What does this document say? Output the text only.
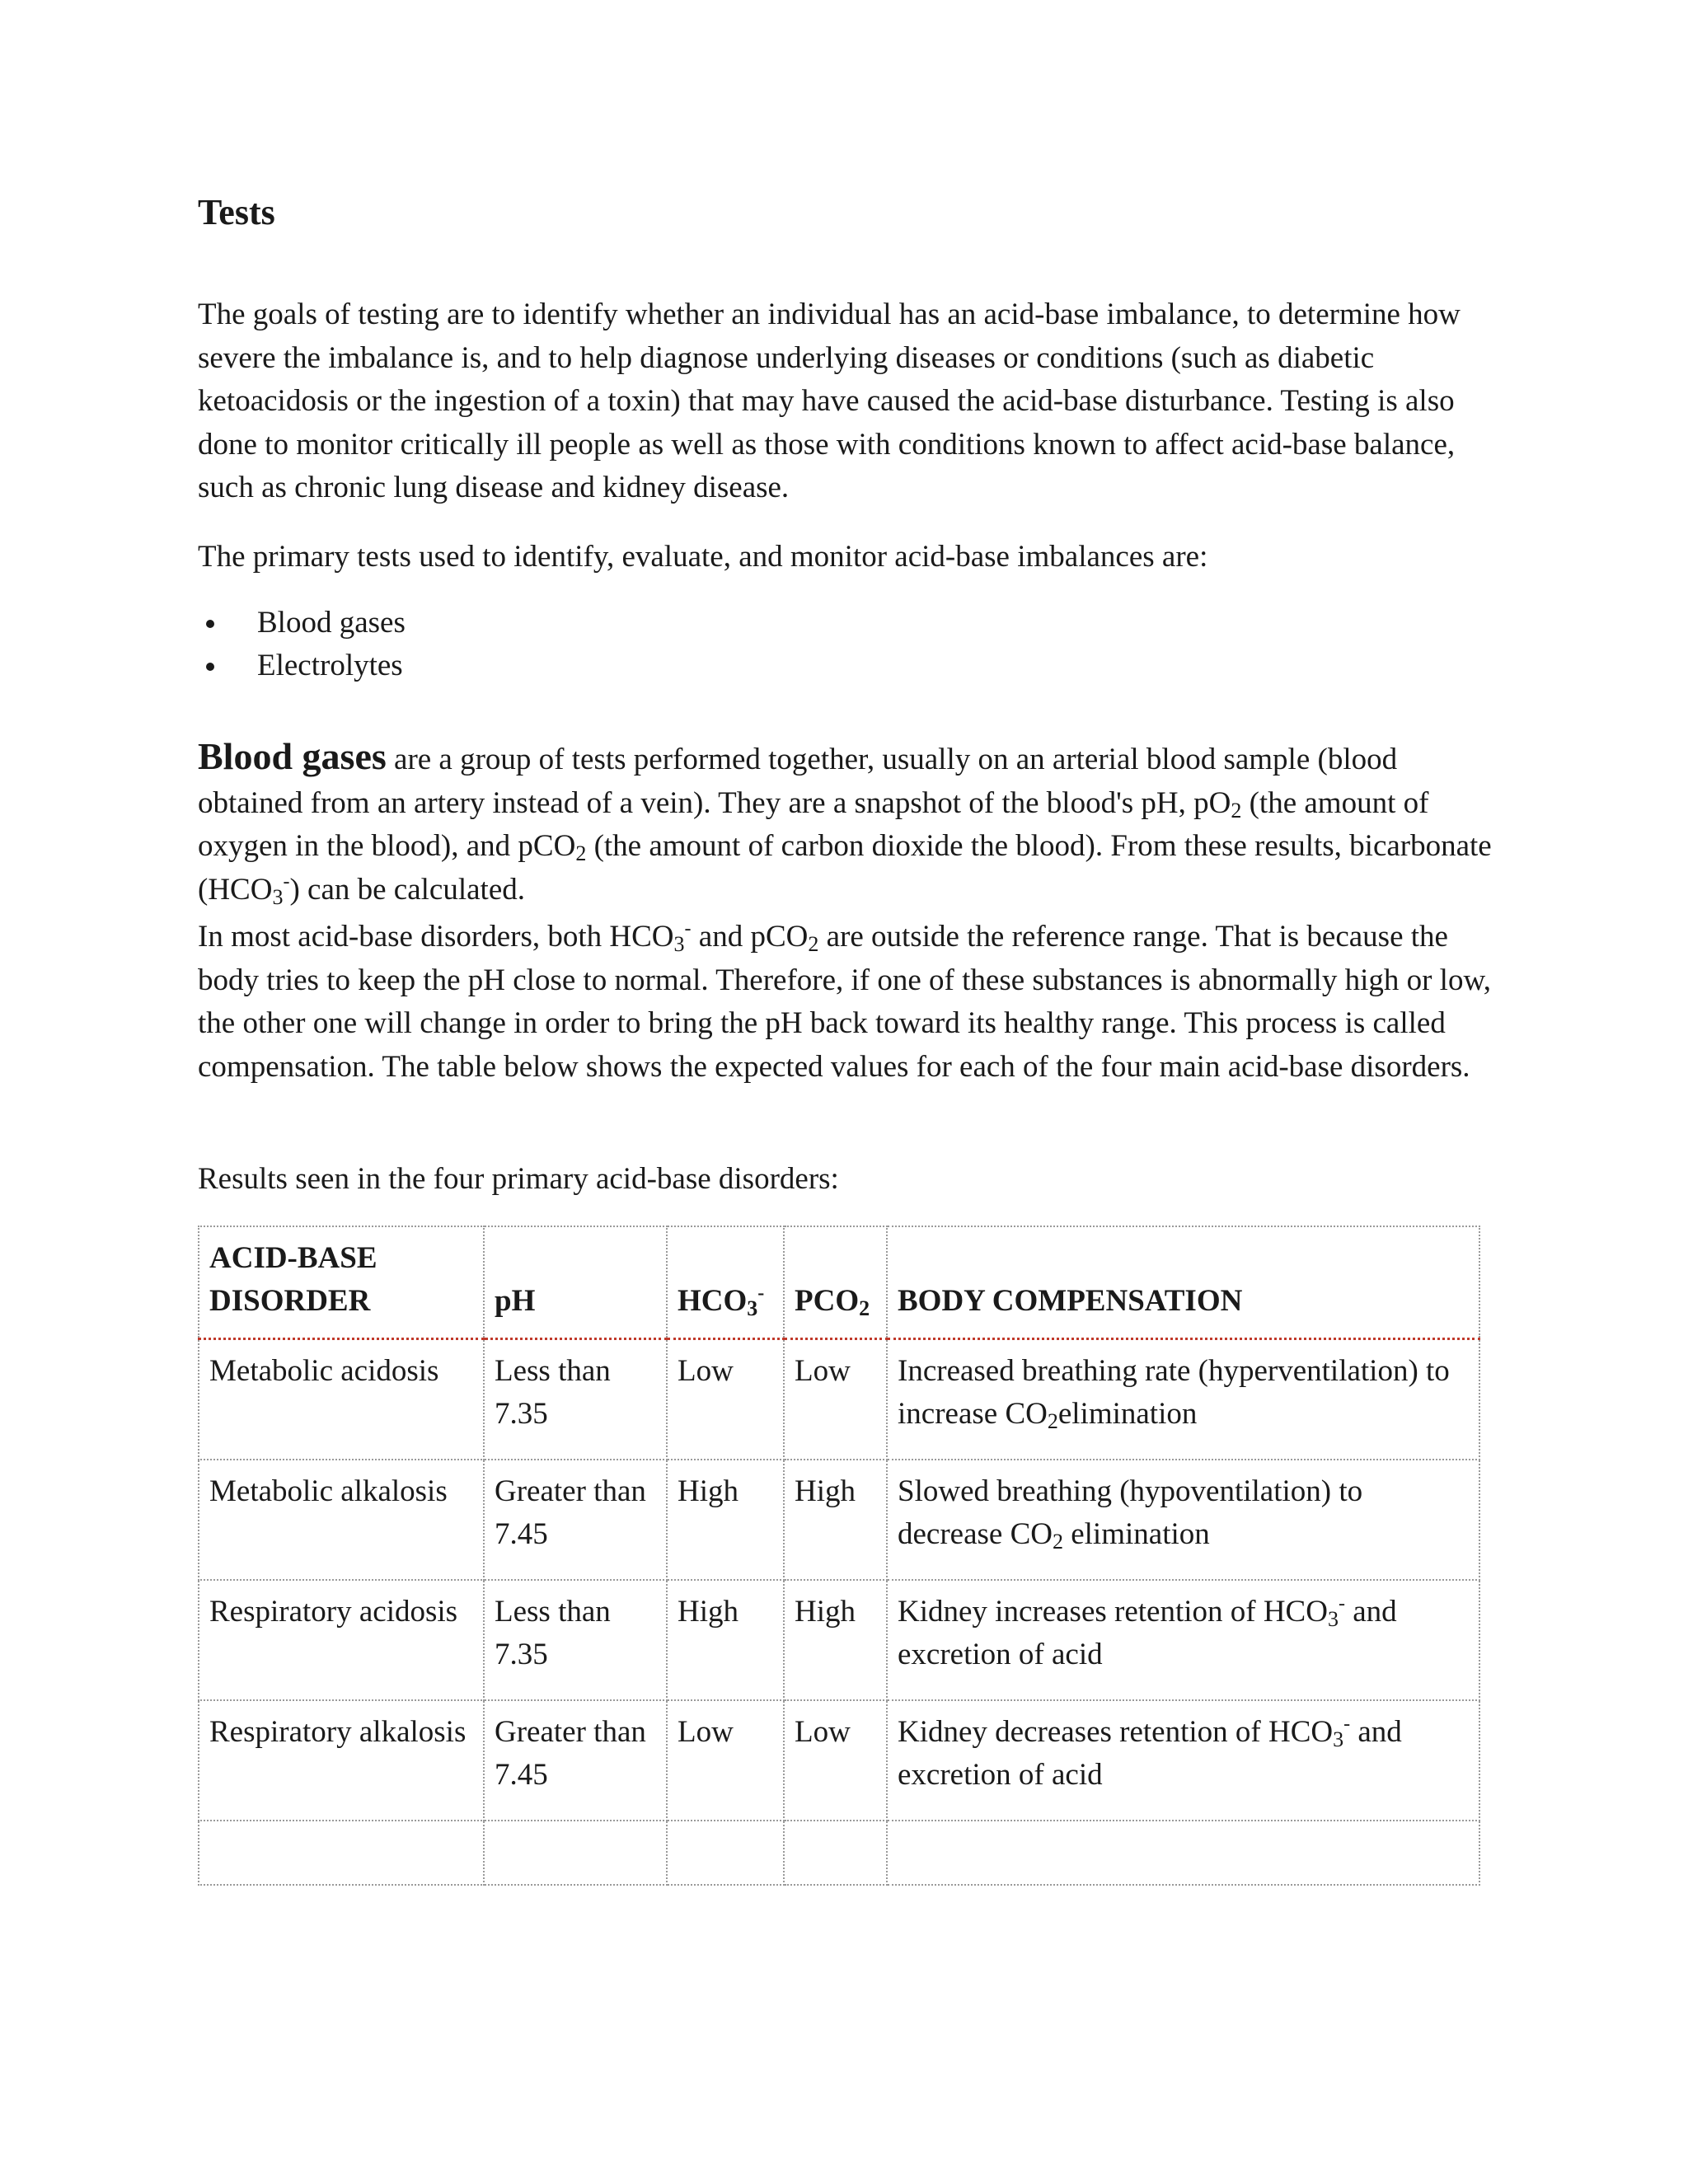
Tests

The goals of testing are to identify whether an individual has an acid-base imbalance, to determine how severe the imbalance is, and to help diagnose underlying diseases or conditions (such as diabetic ketoacidosis or the ingestion of a toxin) that may have caused the acid-base disturbance. Testing is also done to monitor critically ill people as well as those with conditions known to affect acid-base balance, such as chronic lung disease and kidney disease.

The primary tests used to identify, evaluate, and monitor acid-base imbalances are:

Blood gases
Electrolytes

Blood gases are a group of tests performed together, usually on an arterial blood sample (blood obtained from an artery instead of a vein). They are a snapshot of the blood's pH, $pO_2$ (the amount of oxygen in the blood), and pCO$_2$ (the amount of carbon dioxide the blood). From these results, bicarbonate $(HCO_3^-)$ can be calculated.

In most acid-base disorders, both $HCO_3^-$ and pCO$_2$ are outside the reference range. That is because the body tries to keep the pH close to normal. Therefore, if one of these substances is abnormally high or low, the other one will change in order to bring the pH back toward its healthy range. This process is called compensation. The table below shows the expected values for each of the four main acid-base disorders.

Results seen in the four primary acid-base disorders:

ACID-BASE
DISORDER	pH	$HCO_3^-$	$PCO_2$	BODY COMPENSATION
Metabolic acidosis	Less than 7.35	Low	Low	Increased breathing rate (hyperventilation) to increase $CO_2elimination$
Metabolic alkalosis	Greater than 7.45	High	High	Slowed breathing (hypoventilation) to decrease $CO_2$ elimination
Respiratory acidosis	Less than 7.35	High	High	Kidney increases retention of $HCO_3^-$ and excretion of acid
Respiratory alkalosis	Greater than 7.45	Low	Low	Kidney decreases retention of $HCO_3^-$ and excretion of acid
